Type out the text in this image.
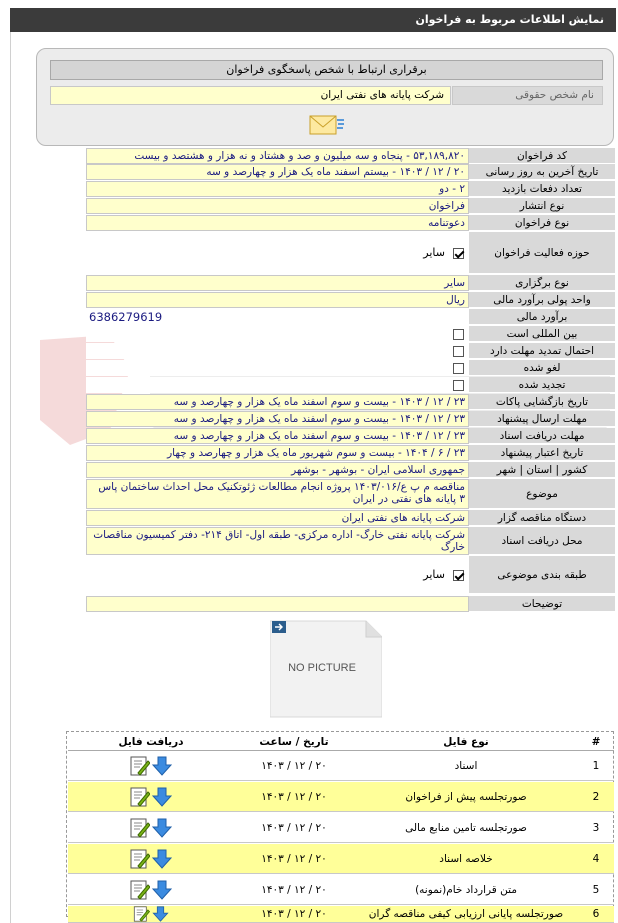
نمایش اطلاعات مربوط به فراخوان
برقراری ارتباط با شخص پاسخگوی فراخوان
نام شخص حقوقی
شرکت پایانه های نفتی ایران
کد فراخوان
۵۳,۱۸۹,۸۲۰ - پنجاه و سه میلیون و صد و هشتاد و نه هزار و هشتصد و بیست
تاریخ آخرین به روز رسانی
۲۰ / ۱۲ / ۱۴۰۳ - بیستم اسفند ماه یک هزار و چهارصد و سه
تعداد دفعات بازدید
۲ - دو
نوع انتشار
فراخوان
نوع فراخوان
دعوتنامه
حوزه فعالیت فراخوان
سایر
نوع برگزاری
سایر
واحد پولی برآورد مالی
ریال
برآورد مالی
6386279619
بین المللی است
احتمال تمدید مهلت دارد
لغو شده
تجدید شده
تاریخ بازگشایی پاکات
۲۳ / ۱۲ / ۱۴۰۳ - بیست و سوم اسفند ماه یک هزار و چهارصد و سه
مهلت ارسال پیشنهاد
۲۳ / ۱۲ / ۱۴۰۳ - بیست و سوم اسفند ماه یک هزار و چهارصد و سه
مهلت دریافت اسناد
۲۳ / ۱۲ / ۱۴۰۳ - بیست و سوم اسفند ماه یک هزار و چهارصد و سه
تاریخ اعتبار پیشنهاد
۲۳ / ۶ / ۱۴۰۴ - بیست و سوم شهریور ماه یک هزار و چهارصد و چهار
کشور | استان | شهر
جمهوری اسلامی ایران - بوشهر - بوشهر
موضوع
مناقصه م پ ع/۱۴۰۳/۰۱۶ پروژه انجام مطالعات ژئوتکنیک محل احداث ساختمان پاس ۳ پایانه های نفتی در ایران
دستگاه مناقصه گزار
شرکت پایانه های نفتی ایران
محل دریافت اسناد
شرکت پایانه نفتی خارگ- اداره مرکزی- طبقه اول- اتاق ۲۱۴- دفتر کمیسیون مناقصات خارگ
طبقه بندی موضوعی
سایر
توضیحات
NO PICTURE
#
نوع فایل
تاریخ / ساعت
دریافت فایل
1
اسناد
۱۴۰۳ / ۱۲ / ۲۰
2
صورتجلسه پیش از فراخوان
۱۴۰۳ / ۱۲ / ۲۰
3
صورتجلسه تامین منابع مالی
۱۴۰۳ / ۱۲ / ۲۰
4
خلاصه اسناد
۱۴۰۳ / ۱۲ / ۲۰
5
متن قرارداد خام(نمونه)
۱۴۰۳ / ۱۲ / ۲۰
6
صورتجلسه پایانی ارزیابی کیفی مناقصه گران
۱۴۰۳ / ۱۲ / ۲۰
